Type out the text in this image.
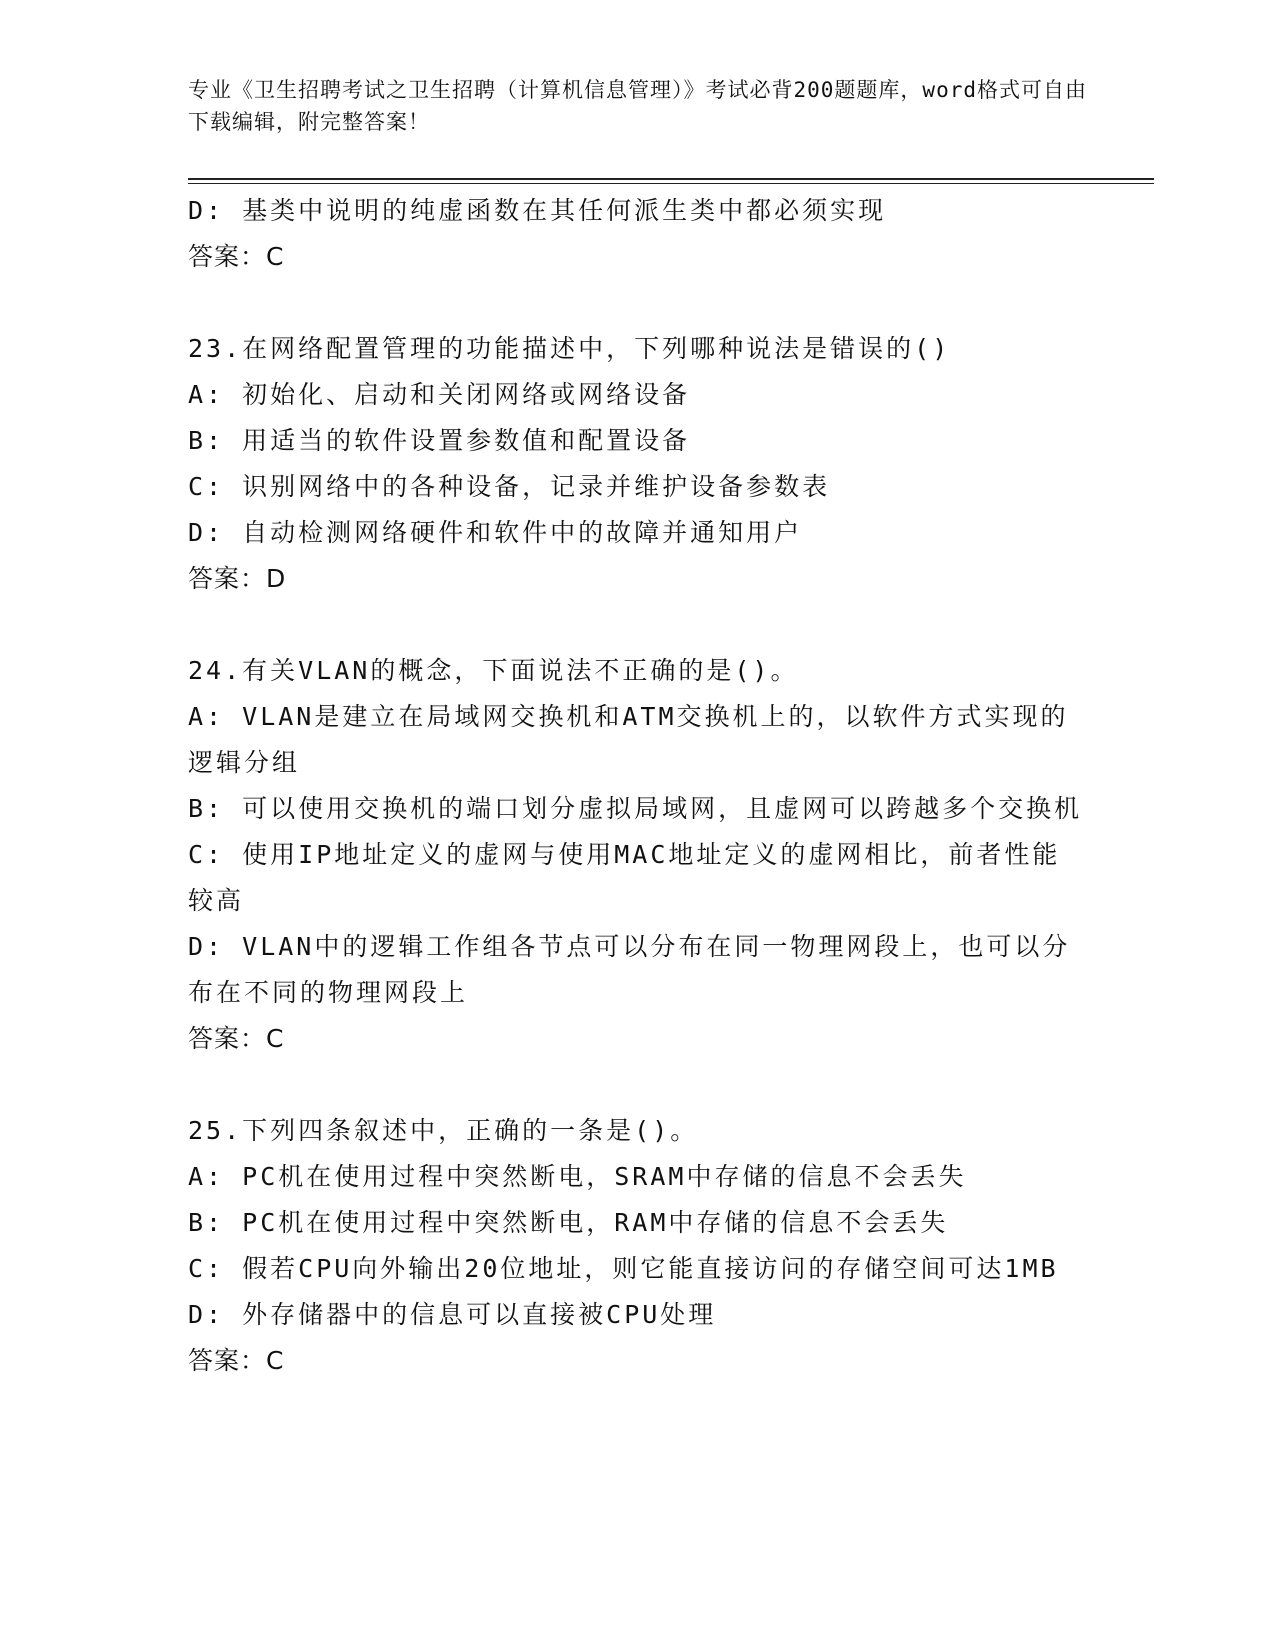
专业《卫生招聘考试之卫生招聘（计算机信息管理）》考试必背200题题库，word格式可自由下载编辑，附完整答案！

D: 基类中说明的纯虚函数在其任何派生类中都必须实现

答案：C

23.在网络配置管理的功能描述中，下列哪种说法是错误的()

A: 初始化、启动和关闭网络或网络设备

B: 用适当的软件设置参数值和配置设备

C: 识别网络中的各种设备，记录并维护设备参数表

D: 自动检测网络硬件和软件中的故障并通知用户

答案：D

24.有关VLAN的概念，下面说法不正确的是()。

A: VLAN是建立在局域网交换机和ATM交换机上的，以软件方式实现的逻辑分组

B: 可以使用交换机的端口划分虚拟局域网，且虚网可以跨越多个交换机

C: 使用IP地址定义的虚网与使用MAC地址定义的虚网相比，前者性能较高

D: VLAN中的逻辑工作组各节点可以分布在同一物理网段上，也可以分布在不同的物理网段上

答案：C

25.下列四条叙述中，正确的一条是()。

A: PC机在使用过程中突然断电，SRAM中存储的信息不会丢失

B: PC机在使用过程中突然断电，RAM中存储的信息不会丢失

C: 假若CPU向外输出20位地址，则它能直接访问的存储空间可达1MB

D: 外存储器中的信息可以直接被CPU处理

答案：C
